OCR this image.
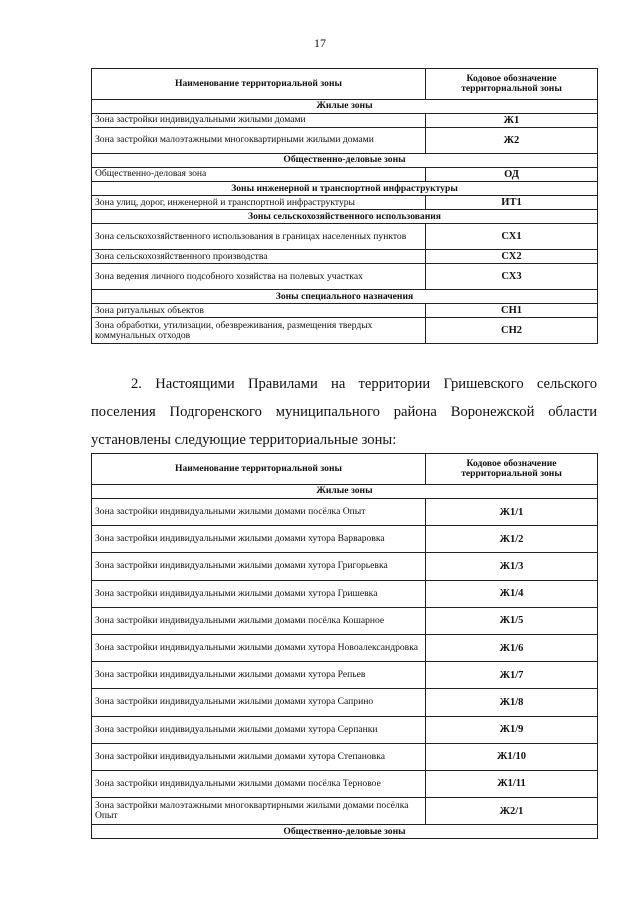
17
Наименование территориальной зоны	Кодовое обозначение территориальной зоны
Жилые зоны	
Зона застройки индивидуальными жилыми домами	Ж1
Зона застройки малоэтажными многоквартирными жилыми домами	Ж2
Общественно-деловые зоны	
Общественно-деловая зона	ОД
Зоны инженерной и транспортной инфраструктуры	
Зона улиц, дорог, инженерной и транспортной инфраструктуры	ИТ1
Зоны сельскохозяйственного использования	
Зона сельскохозяйственного использования в границах населенных пунктов	СХ1
Зона сельскохозяйственного производства	СХ2
Зона ведения личного подсобного хозяйства на полевых участках	СХ3
Зоны специального назначения	
Зона ритуальных объектов	СН1
Зона обработки, утилизации, обезвреживания, размещения твердых коммунальных отходов	СН2
2. Настоящими Правилами на территории Гришевского сельского
поселения Подгоренского муниципального района Воронежской области
установлены следующие территориальные зоны:
Наименование территориальной зоны	Кодовое обозначение территориальной зоны
Жилые зоны	
Зона застройки индивидуальными жилыми домами посёлка Опыт	Ж1/1
Зона застройки индивидуальными жилыми домами хутора Варваровка	Ж1/2
Зона застройки индивидуальными жилыми домами хутора Григорьевка	Ж1/3
Зона застройки индивидуальными жилыми домами хутора Гришевка	Ж1/4
Зона застройки индивидуальными жилыми домами посёлка Кошарное	Ж1/5
Зона застройки индивидуальными жилыми домами хутора Новоалександровка	Ж1/6
Зона застройки индивидуальными жилыми домами хутора Репьев	Ж1/7
Зона застройки индивидуальными жилыми домами хутора Саприно	Ж1/8
Зона застройки индивидуальными жилыми домами хутора Серпанки	Ж1/9
Зона застройки индивидуальными жилыми домами хутора Степановка	Ж1/10
Зона застройки индивидуальными жилыми домами посёлка Терновое	Ж1/11
Зона застройки малоэтажными многоквартирными жилыми домами посёлка Опыт	Ж2/1
Общественно-деловые зоны	
